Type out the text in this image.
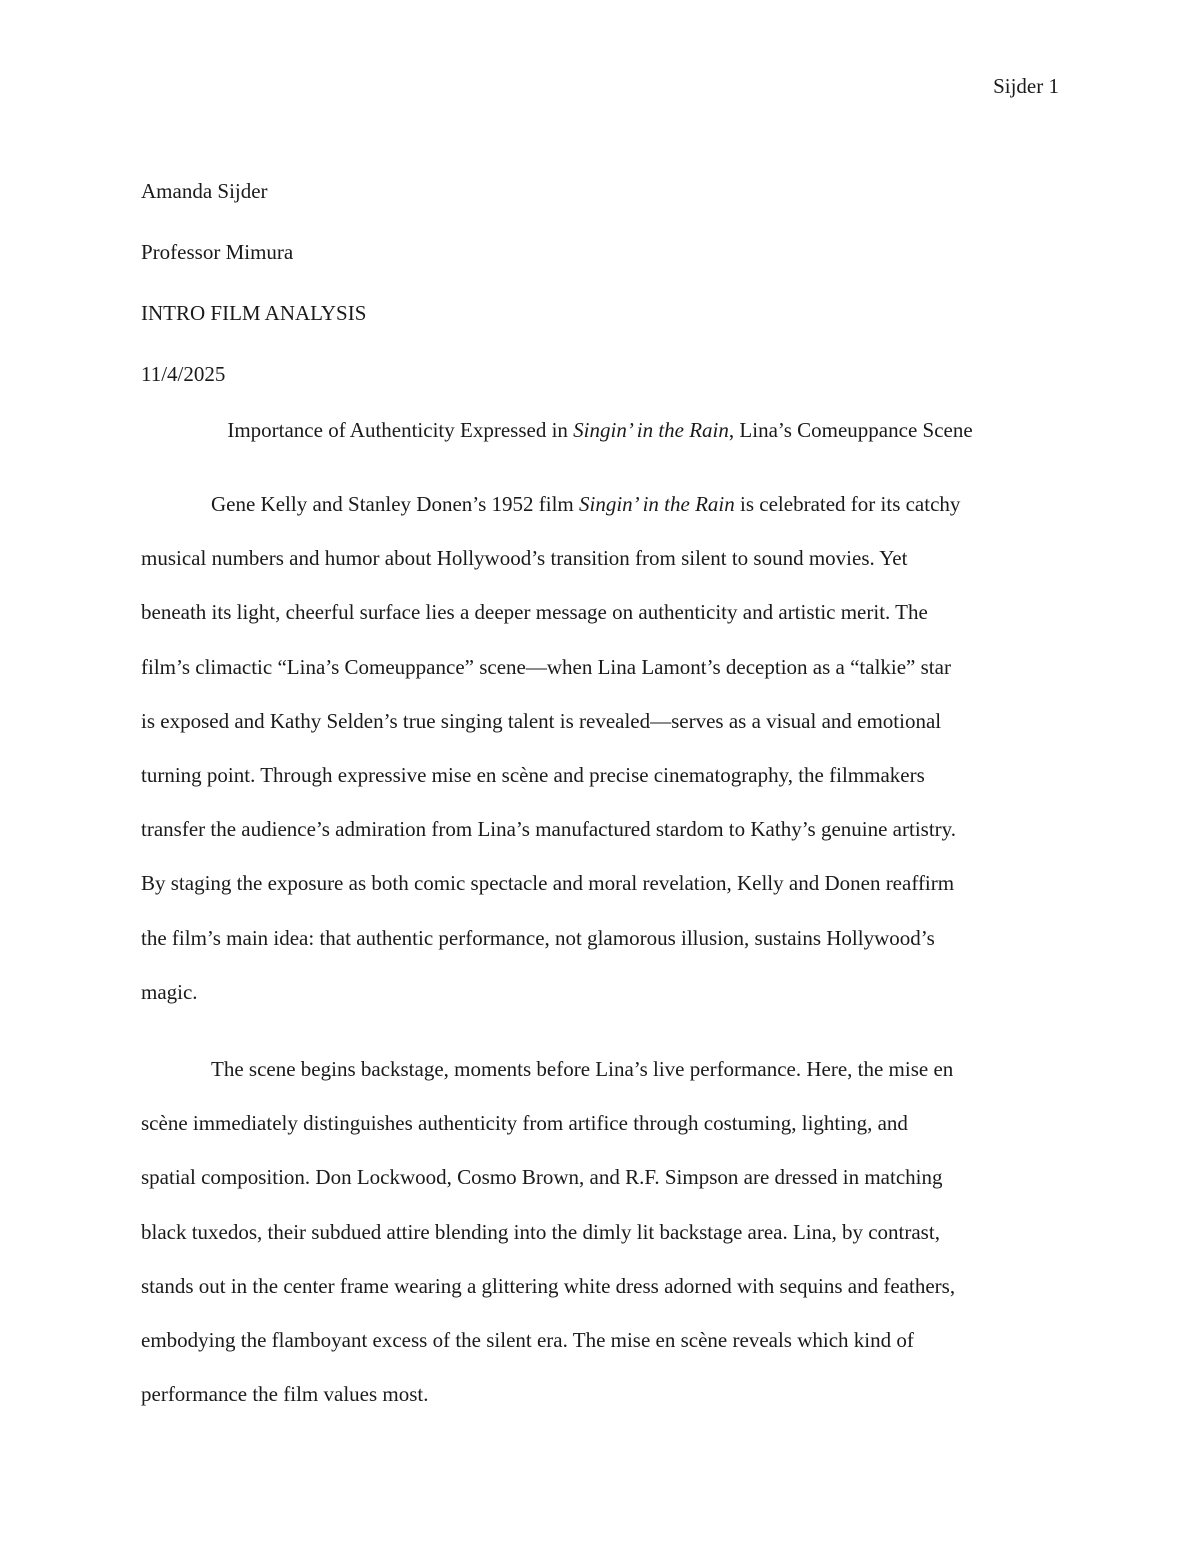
Sijder 1
Amanda Sijder
Professor Mimura
INTRO FILM ANALYSIS
11/4/2025
Importance of Authenticity Expressed in Singin’ in the Rain, Lina’s Comeuppance Scene
Gene Kelly and Stanley Donen’s 1952 film Singin’ in the Rain is celebrated for its catchy
musical numbers and humor about Hollywood’s transition from silent to sound movies. Yet
beneath its light, cheerful surface lies a deeper message on authenticity and artistic merit. The
film’s climactic “Lina’s Comeuppance” scene—when Lina Lamont’s deception as a “talkie” star
is exposed and Kathy Selden’s true singing talent is revealed—serves as a visual and emotional
turning point. Through expressive mise en scène and precise cinematography, the filmmakers
transfer the audience’s admiration from Lina’s manufactured stardom to Kathy’s genuine artistry.
By staging the exposure as both comic spectacle and moral revelation, Kelly and Donen reaffirm
the film’s main idea: that authentic performance, not glamorous illusion, sustains Hollywood’s
magic.
The scene begins backstage, moments before Lina’s live performance. Here, the mise en
scène immediately distinguishes authenticity from artifice through costuming, lighting, and
spatial composition. Don Lockwood, Cosmo Brown, and R.F. Simpson are dressed in matching
black tuxedos, their subdued attire blending into the dimly lit backstage area. Lina, by contrast,
stands out in the center frame wearing a glittering white dress adorned with sequins and feathers,
embodying the flamboyant excess of the silent era. The mise en scène reveals which kind of
performance the film values most.
